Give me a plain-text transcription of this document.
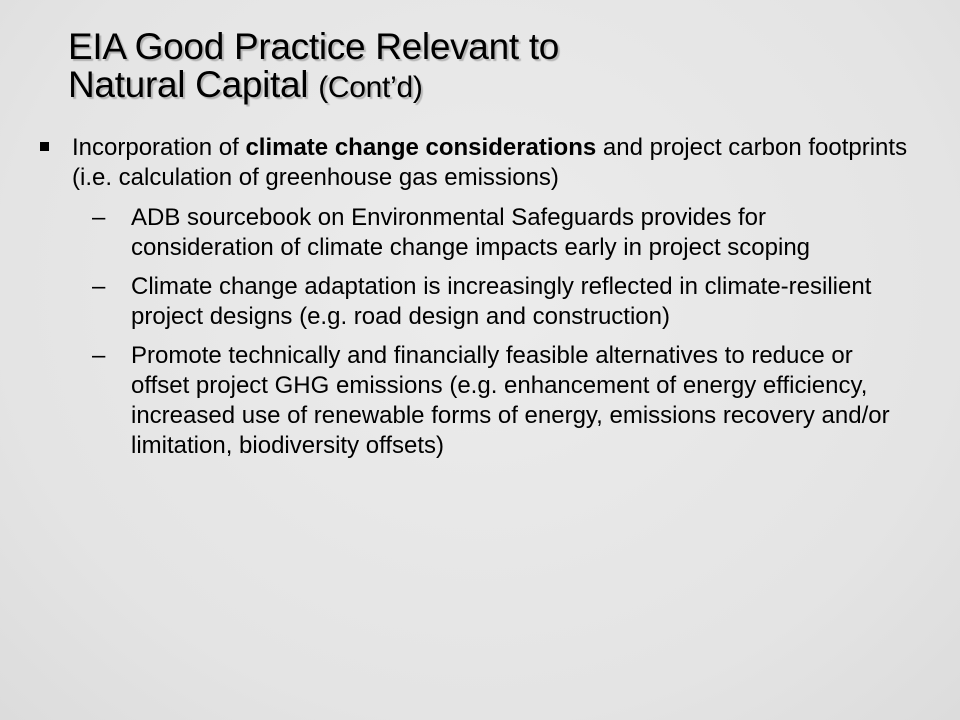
EIA Good Practice Relevant to
Natural Capital (Cont’d)
Incorporation of climate change considerations and project carbon footprints (i.e. calculation of greenhouse gas emissions)
– ADB sourcebook on Environmental Safeguards provides for consideration of climate change impacts early in project scoping
– Climate change adaptation is increasingly reflected in climate-resilient project designs (e.g. road design and construction)
– Promote technically and financially feasible alternatives to reduce or offset project GHG emissions (e.g. enhancement of energy efficiency, increased use of renewable forms of energy, emissions recovery and/or limitation, biodiversity offsets)
